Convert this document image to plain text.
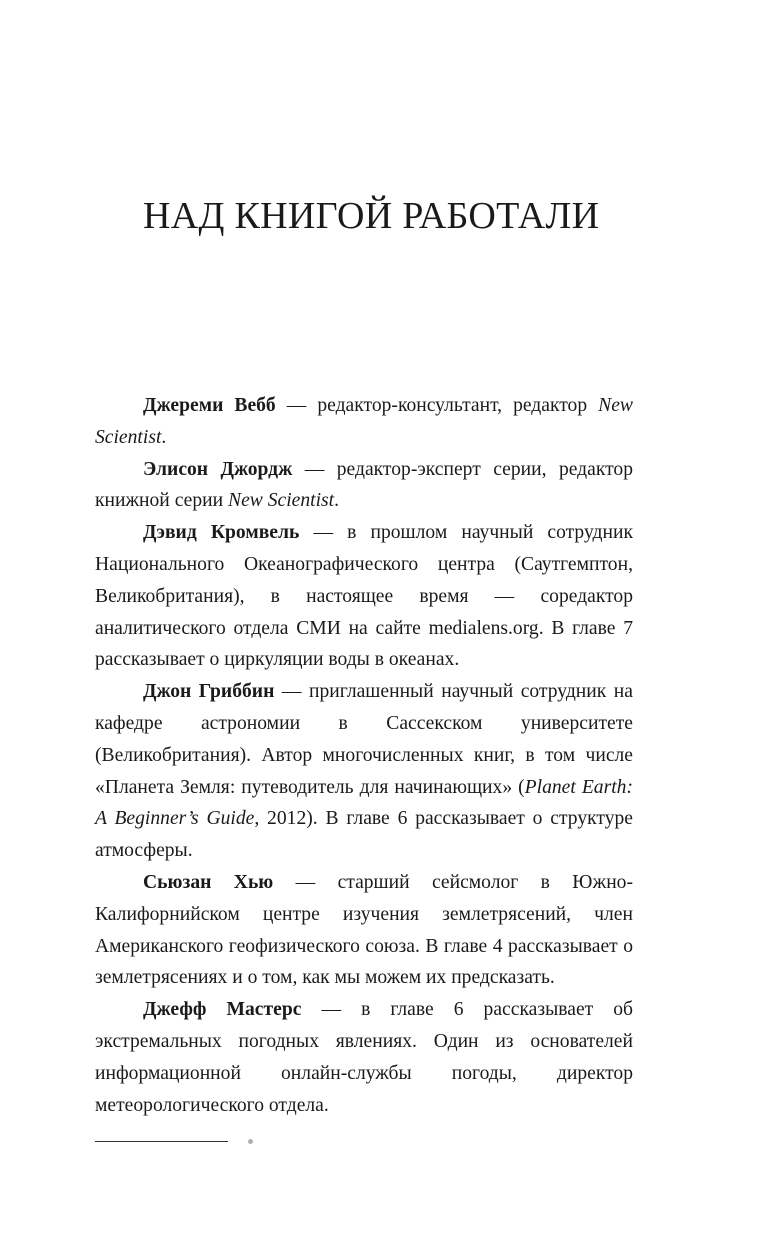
НАД КНИГОЙ РАБОТАЛИ

Джереми Вебб — редактор-консультант, редактор New Scientist.

Элисон Джордж — редактор-эксперт серии, редактор книжной серии New Scientist.

Дэвид Кромвель — в прошлом научный сотрудник Национального Океанографического центра (Саутгемптон, Великобритания), в настоящее время — соредактор аналитического отдела СМИ на сайте medialens.org. В главе 7 рассказывает о циркуляции воды в океанах.

Джон Гриббин — приглашенный научный сотрудник на кафедре астрономии в Сассекском университете (Великобритания). Автор многочисленных книг, в том числе «Планета Земля: путеводитель для начинающих» (Planet Earth: A Beginner’s Guide, 2012). В главе 6 рассказывает о структуре атмосферы.

Сьюзан Хью — старший сейсмолог в Южно-Калифорнийском центре изучения землетрясений, член Американского геофизического союза. В главе 4 рассказывает о землетрясениях и о том, как мы можем их предсказать.

Джефф Мастерс — в главе 6 рассказывает об экстремальных погодных явлениях. Один из основателей информационной онлайн-службы погоды, директор метеорологического отдела.
